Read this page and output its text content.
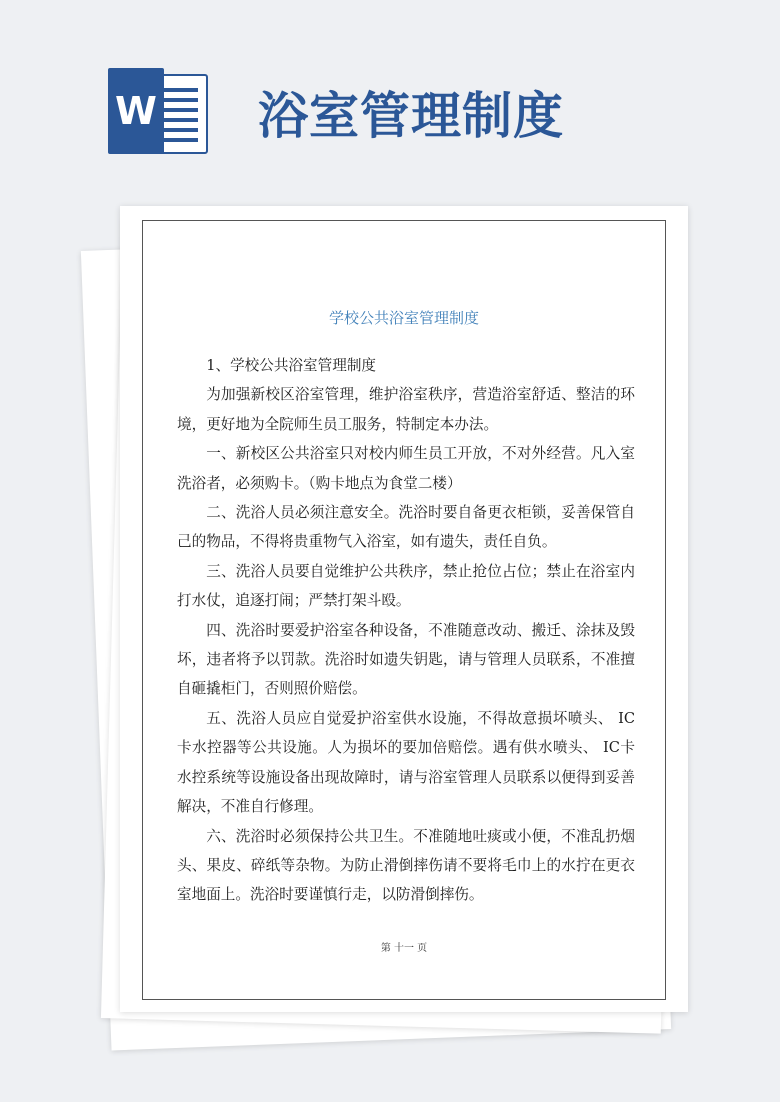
W 浴室管理制度
学校公共浴室管理制度

1、学校公共浴室管理制度

为加强新校区浴室管理，维护浴室秩序，营造浴室舒适、整洁的环境，更好地为全院师生员工服务，特制定本办法。

一、新校区公共浴室只对校内师生员工开放，不对外经营。凡入室洗浴者，必须购卡。（购卡地点为食堂二楼）

二、洗浴人员必须注意安全。洗浴时要自备更衣柜锁，妥善保管自己的物品，不得将贵重物气入浴室，如有遗失，责任自负。

三、洗浴人员要自觉维护公共秩序，禁止抢位占位；禁止在浴室内打水仗，追逐打闹；严禁打架斗殴。

四、洗浴时要爱护浴室各种设备，不准随意改动、搬迁、涂抹及毁坏，违者将予以罚款。洗浴时如遗失钥匙，请与管理人员联系，不准擅自砸撬柜门，否则照价赔偿。

五、洗浴人员应自觉爱护浴室供水设施，不得故意损坏喷头、 IC卡水控器等公共设施。人为损坏的要加倍赔偿。遇有供水喷头、 IC卡水控系统等设施设备出现故障时，请与浴室管理人员联系以便得到妥善解决，不准自行修理。

六、洗浴时必须保持公共卫生。不准随地吐痰或小便，不准乱扔烟头、果皮、碎纸等杂物。为防止滑倒摔伤请不要将毛巾上的水拧在更衣室地面上。洗浴时要谨慎行走，以防滑倒摔伤。

第 十一 页
